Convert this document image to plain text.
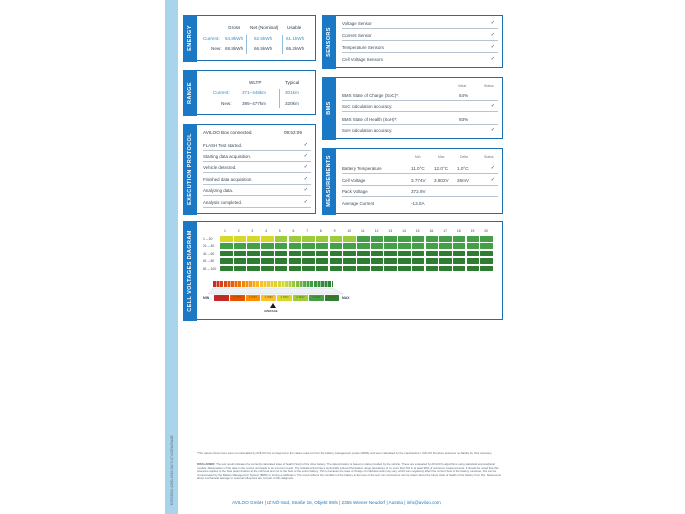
E2903502-426D-4546-9A74-07442FA29AAE
ENERGY	Gross Net (Nominal) Usable
Current: 64.8kWh 62.5kWh	61.1kWh
New: 68.8kWh 66.5kWh	65.2kWh
RANGE	WLTP	Typical
Current:	371–448km	301km
New: 395–477km	320km
EXECUTION PROTOCOL
AVILOO Box connected.	09:52:09
FLASH Test started.	✓
Starting data acquisition.	✓
Vehicle detected.	✓
Finished data acquisition.	✓
Analyzing data.	✓
Analysis completed.	✓
SENSORS
Voltage Sensor	✓
Current Sensor	✓
Temperature Sensors	✓
Cell Voltage Sensors	✓
BMS
Value	Status
BMS State of Charge (SoC)*:	54%
SoC calculation accuracy:	✓
BMS State of Health (SoH)*:	93%
SoH calculation accuracy:	✓
MEASUREMENTS	Min	Max	Delta	Status
Battery Temperature	11.0°C 12.0°C 1.0°C	✓
Cell Voltage	3.774V 3.802V 28mV	✓
Pack Voltage	372.9V
Average Current	-13.0A
CELL VOLTAGES DIAGRAM	1	2	3	4	5	6	7	8	9	10	11	12	13	14	15	16	17	18	19	20
1 – 20
21 – 40
41 – 60
61 – 80
81 – 100
MIN	MAX
3.774V	3.778V	3.782V	3.786V	3.790V	3.794V	3.798V	3.802V
AVERAGE
*The values shown here were not calculated by AVILOO but correspond to the values read out from the battery management system (BMS) and were calculated by the manufacturer. AVILOO therefore assumes no liability for their accuracy.
DISCLAIMER: The test result indicates the currently calculated state of health (SoH) of the drive battery. The determination is based on data provided by the vehicle. These are evaluated by AVILOO's algorithms using statistical and analytical models. Manipulation of the data in the control unit leads to an incorrect result. The indicated SoH has a technically induced fluctuation range (deviation) of no more than 5% in at least 95% of reference measurements. It should be noted that this tolerance applies to the SoH determination at the cell level and not to the SoH of the entire battery. This is because the state of charge of individual cells may vary, which can negatively affect the current SoH of the battery. However, this can be compensated by the Battery Management System (BMS) or during a calibration. The result reflects the condition of the battery at the time of the test. No conclusions can be drawn about the future state of health of the battery from this. Statements about mechanical damage or external influences are not part of this diagnosis.
AVILOO GmbH | IZ NÖ-Süd, Straße 16, Objekt 69/5 | 2355 Wiener Neudorf | Austria | info@aviloo.com
